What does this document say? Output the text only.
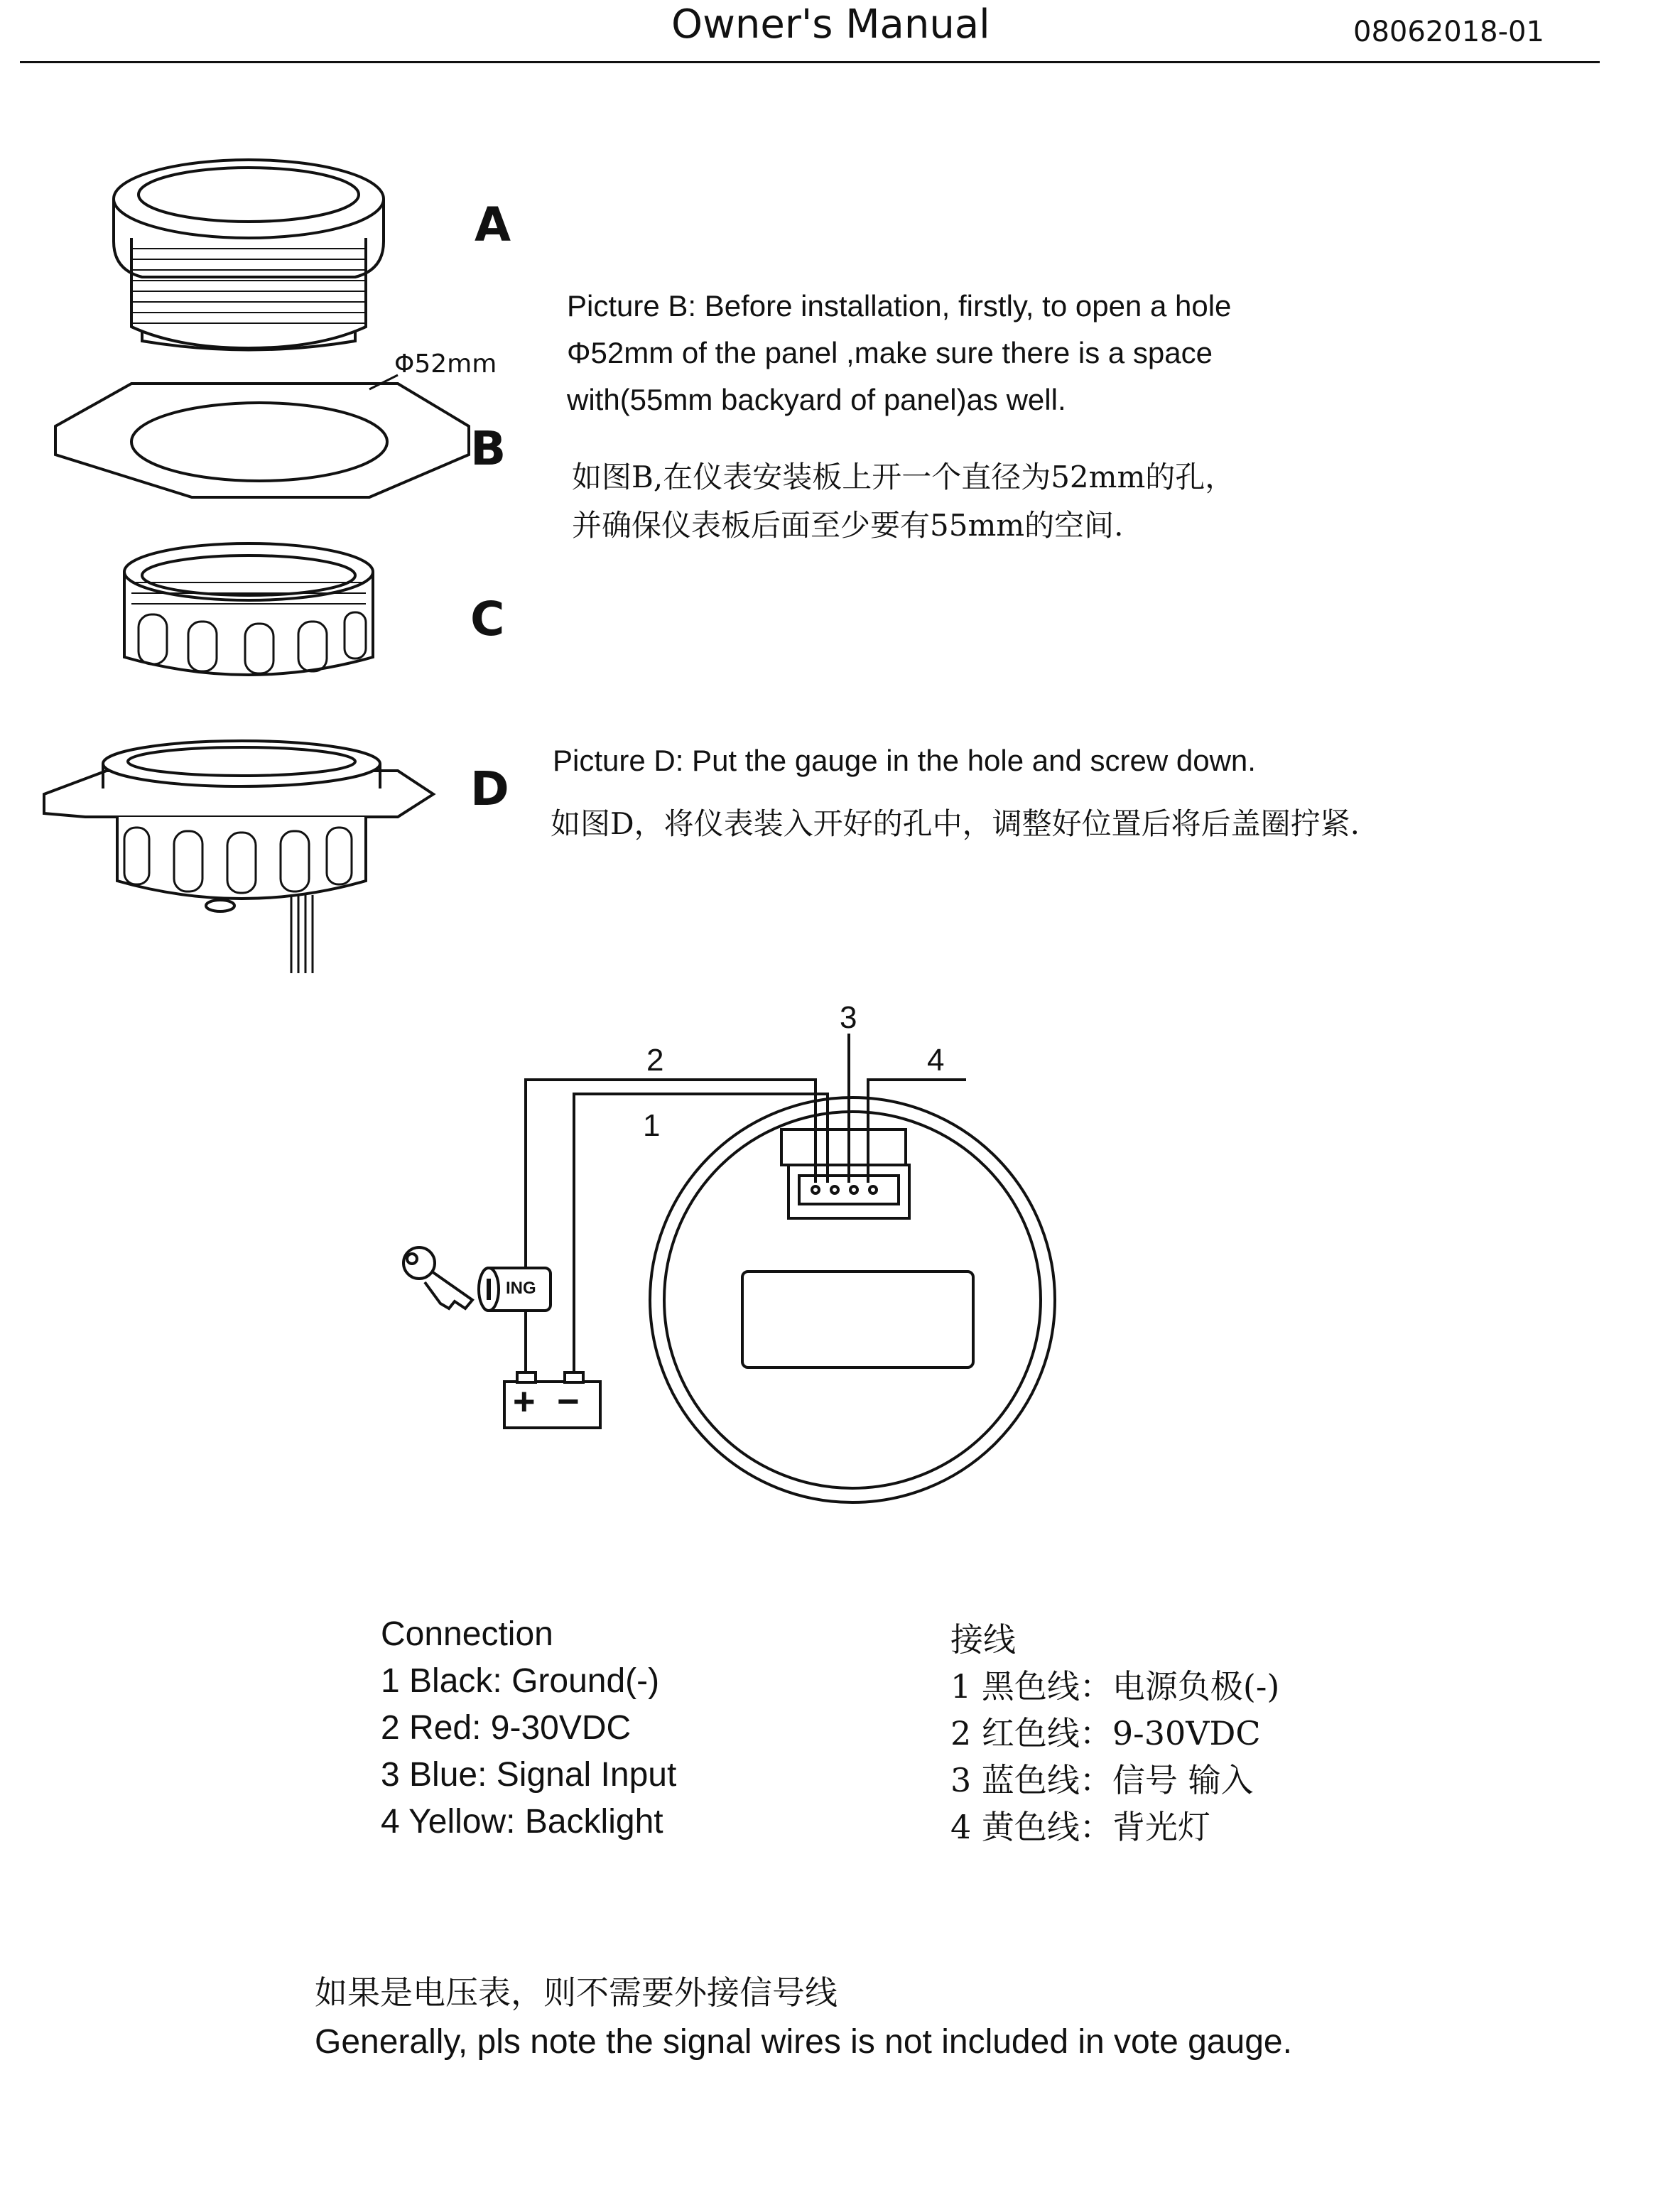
Owner's Manual	08062018-01
A
B
C
D
Φ52mm
Picture B: Before installation, firstly, to open a hole
Φ52mm of the panel ,make sure there is a space
with(55mm backyard of panel)as well.
如图B,在仪表安装板上开一个直径为52mm的孔，
并确保仪表板后面至少要有55mm的空间.
Picture D: Put the gauge in the hole and screw down.
如图D，将仪表装入开好的孔中，调整好位置后将后盖圈拧紧.
1
2
3
4
ING
+ −
Connection
1 Black: Ground(-)
2 Red: 9-30VDC
3 Blue: Signal Input
4 Yellow: Backlight
接线
1 黑色线：电源负极(-)
2 红色线：9-30VDC
3 蓝色线：信号 输入
4 黄色线：背光灯
如果是电压表，则不需要外接信号线
Generally, pls note the signal wires is not included in vote gauge.
